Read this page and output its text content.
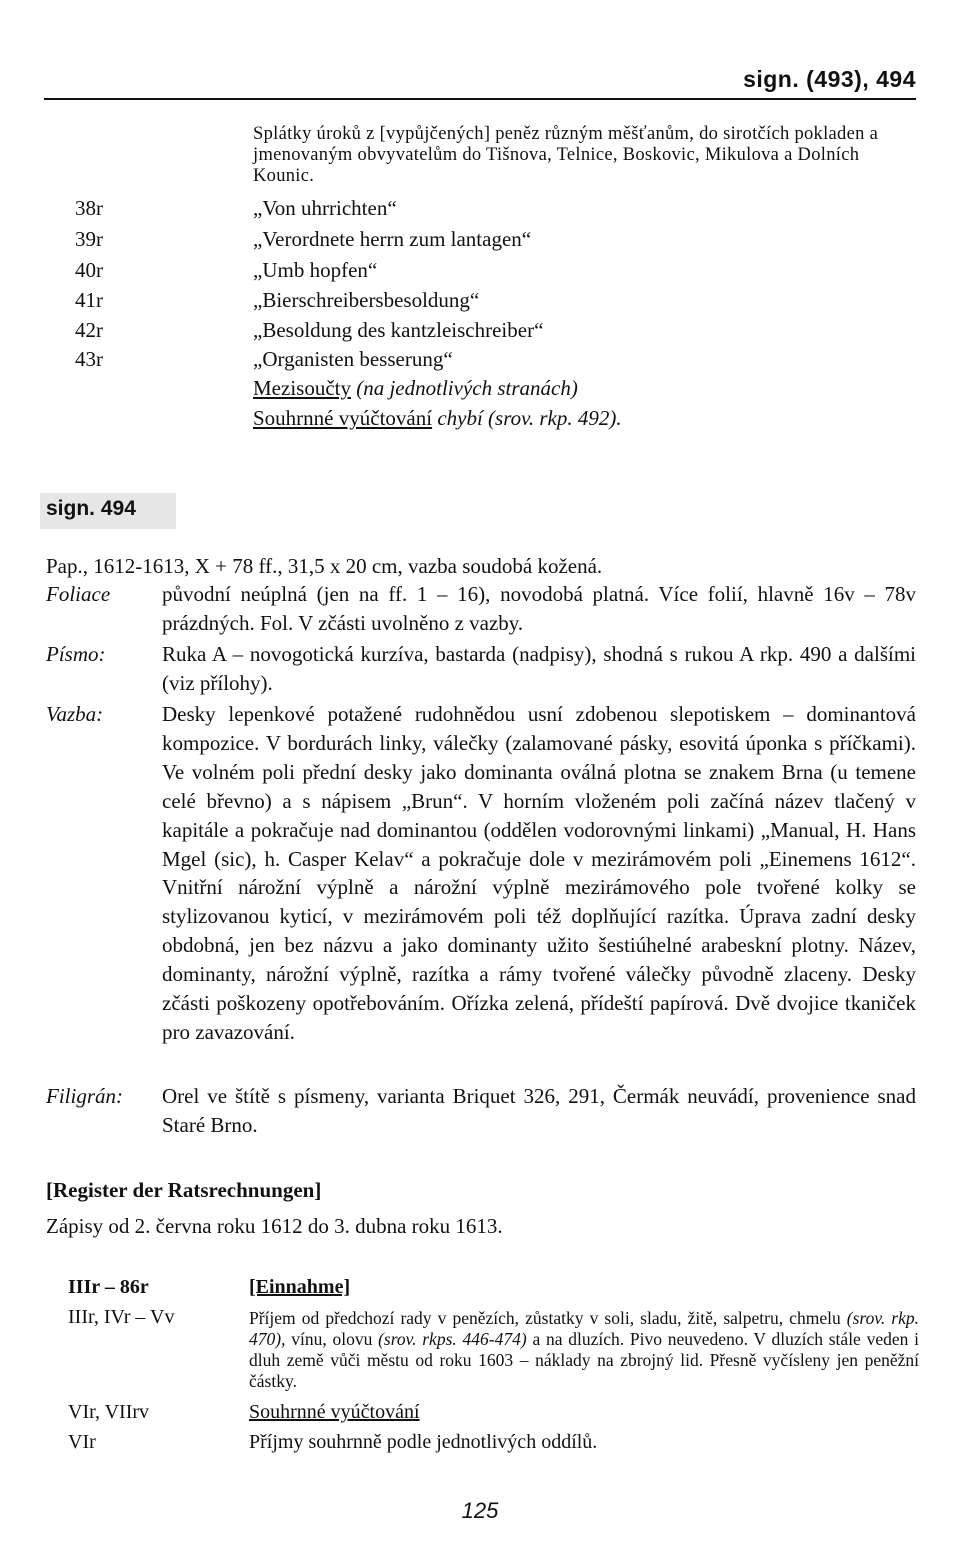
sign. (493), 494
Splátky úroků z [vypůjčených] peněz různým měšťanům, do sirotčích pokladen a jmenovaným obvyvatelům do Tišnova, Telnice, Boskovic, Mikulova a Dolních Kounic.
38r	„Von uhrrichten“
39r	„Verordnete herrn zum lantagen“
40r	„Umb hopfen“
41r	„Bierschreibersbesoldung“
42r	„Besoldung des kantzleischreiber“
43r	„Organisten besserung“
Mezisoučty (na jednotlivých stranách)
Souhrnné vyúčtování chybí (srov. rkp. 492).
sign. 494
Pap., 1612-1613, X + 78 ff., 31,5 x 20 cm, vazba soudobá kožená.
Foliace původní neúplná (jen na ff. 1 – 16), novodobá platná. Více folií, hlavně 16v – 78v prázdných. Fol. V zčásti uvolněno z vazby.
Písmo:	Ruka A – novogotická kurzíva, bastarda (nadpisy), shodná s rukou A rkp. 490 a dalšími (viz přílohy).
Vazba:	Desky lepenkové potažené rudohnědou usní zdobenou slepotiskem – dominantová kompozice. V bordurách linky, válečky (zalamované pásky, esovitá úponka s příčkami). Ve volném poli přední desky jako dominanta oválná plotna se znakem Brna (u temene celé břevno) a s nápisem „Brun“. V horním vloženém poli začíná název tlačený v kapitále a pokračuje nad dominantou (oddělen vodorovnými linkami) „Manual, H. Hans Mgel (sic), h. Casper Kelav“ a pokračuje dole v mezirámovém poli „Einemens 1612“. Vnitřní nárožní výplně a nárožní výplně mezirámového pole tvořené kolky se stylizovanou kyticí, v mezirámovém poli též doplňující razítka. Úprava zadní desky obdobná, jen bez názvu a jako dominanty užito šestiúhelné arabeskní plotny. Název, dominanty, nárožní výplně, razítka a rámy tvořené válečky původně zlaceny. Desky zčásti poškozeny opotřebováním. Ořízka zelená, přídeští papírová. Dvě dvojice tkaniček pro zavazování.
Filigrán: Orel ve štítě s písmeny, varianta Briquet 326, 291, Čermák neuvádí, provenience snad Staré Brno.
[Register der Ratsrechnungen]
Zápisy od 2. června roku 1612 do 3. dubna roku 1613.
IIIr – 86r	[Einnahme]
IIIr, IVr – Vv	Příjem od předchozí rady v penězích, zůstatky v soli, sladu, žitě, salpetru, chmelu (srov. rkp. 470), vínu, olovu (srov. rkps. 446-474) a na dluzích. Pivo neuvedeno. V dluzích stále veden i dluh země vůči městu od roku 1603 – náklady na zbrojný lid. Přesně vyčísleny jen peněžní částky.
VIr, VIIrv	Souhrnné vyúčtování
VIr	Příjmy souhrnně podle jednotlivých oddílů.
125
